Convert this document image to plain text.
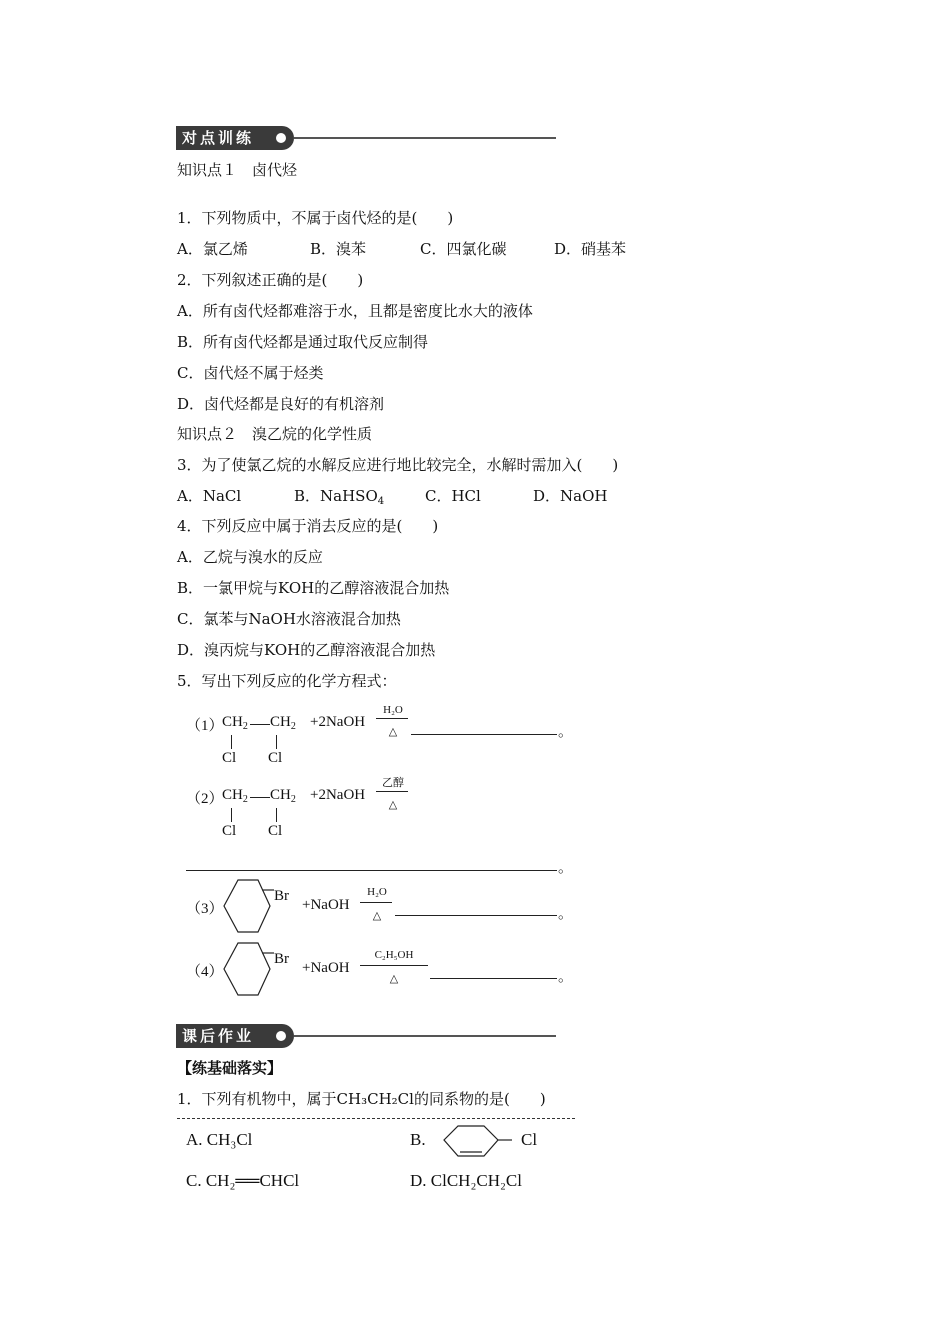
对点训练
知识点１　卤代烃
1．下列物质中，不属于卤代烃的是(　　)
A．氯乙烯	B．溴苯	C．四氯化碳	D．硝基苯
2．下列叙述正确的是(　　)
A．所有卤代烃都难溶于水，且都是密度比水大的液体
B．所有卤代烃都是通过取代反应制得
C．卤代烃不属于烃类
D．卤代烃都是良好的有机溶剂
知识点２　溴乙烷的化学性质
3．为了使氯乙烷的水解反应进行地比较完全，水解时需加入(　　)
A．NaCl	B．NaHSO$_4$	C．HCl	D．NaOH
4．下列反应中属于消去反应的是(　　)
A．乙烷与溴水的反应
B．一氯甲烷与KOH的乙醇溶液混合加热
C．氯苯与NaOH水溶液混合加热
D．溴丙烷与KOH的乙醇溶液混合加热
5．写出下列反应的化学方程式：
（1）
$CH_2$ $CH_2$
Cl Cl
+2NaOH
H₂O
△	。
（2）
$CH_2$ $CH_2$
Cl Cl
+2NaOH
乙醇
△
。
（3）
Br
+NaOH
H₂O
△	。
（4）
Br
+NaOH
C₂H₅OH
△	。
课后作业
【练基础落实】
1．下列有机物中，属于CH₃CH₂Cl的同系物的是(　　)
A. CH₃Cl	B.	Cl
C. CH₂══CHCl	D. ClCH₂CH₂Cl
